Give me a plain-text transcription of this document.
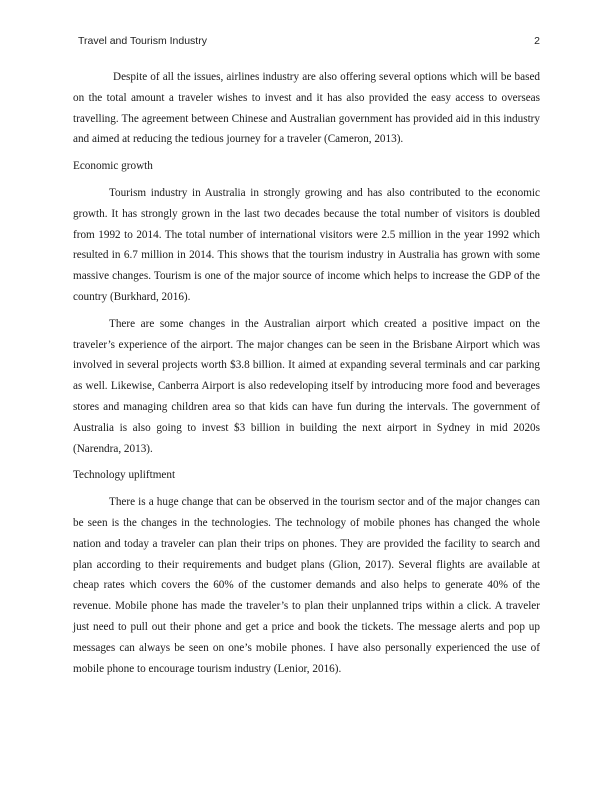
Travel and Tourism Industry	2

Despite of all the issues, airlines industry are also offering several options which will be based on the total amount a traveler wishes to invest and it has also provided the easy access to overseas travelling. The agreement between Chinese and Australian government has provided aid in this industry and aimed at reducing the tedious journey for a traveler (Cameron, 2013).

Economic growth

Tourism industry in Australia in strongly growing and has also contributed to the economic growth. It has strongly grown in the last two decades because the total number of visitors is doubled from 1992 to 2014. The total number of international visitors were 2.5 million in the year 1992 which resulted in 6.7 million in 2014. This shows that the tourism industry in Australia has grown with some massive changes. Tourism is one of the major source of income which helps to increase the GDP of the country (Burkhard, 2016).

There are some changes in the Australian airport which created a positive impact on the traveler’s experience of the airport. The major changes can be seen in the Brisbane Airport which was involved in several projects worth $3.8 billion. It aimed at expanding several terminals and car parking as well. Likewise, Canberra Airport is also redeveloping itself by introducing more food and beverages stores and managing children area so that kids can have fun during the intervals. The government of Australia is also going to invest $3 billion in building the next airport in Sydney in mid 2020s (Narendra, 2013).

Technology upliftment

There is a huge change that can be observed in the tourism sector and of the major changes can be seen is the changes in the technologies. The technology of mobile phones has changed the whole nation and today a traveler can plan their trips on phones. They are provided the facility to search and plan according to their requirements and budget plans (Glion, 2017). Several flights are available at cheap rates which covers the 60% of the customer demands and also helps to generate 40% of the revenue. Mobile phone has made the traveler’s to plan their unplanned trips within a click. A traveler just need to pull out their phone and get a price and book the tickets. The message alerts and pop up messages can always be seen on one’s mobile phones. I have also personally experienced the use of mobile phone to encourage tourism industry (Lenior, 2016).
